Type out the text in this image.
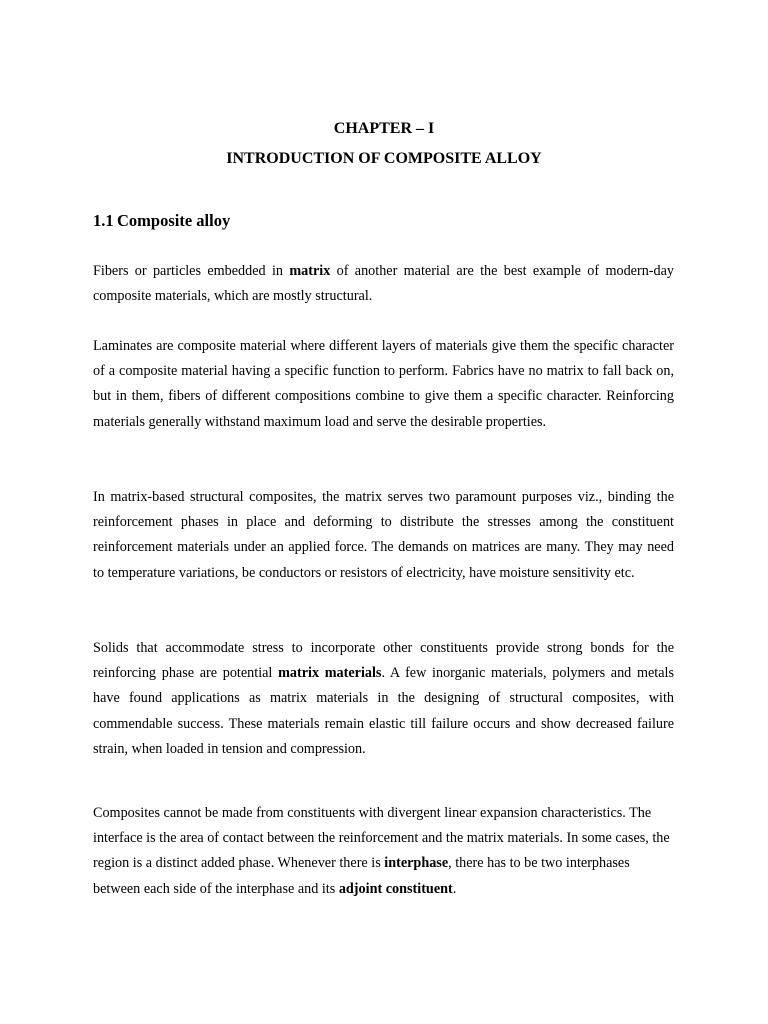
CHAPTER – I
INTRODUCTION OF COMPOSITE ALLOY
1.1 Composite alloy

Fibers or particles embedded in matrix of another material are the best example of modern-day composite materials, which are mostly structural.

Laminates are composite material where different layers of materials give them the specific character of a composite material having a specific function to perform. Fabrics have no matrix to fall back on, but in them, fibers of different compositions combine to give them a specific character. Reinforcing materials generally withstand maximum load and serve the desirable properties.

In matrix-based structural composites, the matrix serves two paramount purposes viz., binding the reinforcement phases in place and deforming to distribute the stresses among the constituent reinforcement materials under an applied force. The demands on matrices are many. They may need to temperature variations, be conductors or resistors of electricity, have moisture sensitivity etc.

Solids that accommodate stress to incorporate other constituents provide strong bonds for the reinforcing phase are potential matrix materials. A few inorganic materials, polymers and metals have found applications as matrix materials in the designing of structural composites, with commendable success. These materials remain elastic till failure occurs and show decreased failure strain, when loaded in tension and compression.

Composites cannot be made from constituents with divergent linear expansion characteristics. The interface is the area of contact between the reinforcement and the matrix materials. In some cases, the region is a distinct added phase. Whenever there is interphase, there has to be two interphases between each side of the interphase and its adjoint constituent.
